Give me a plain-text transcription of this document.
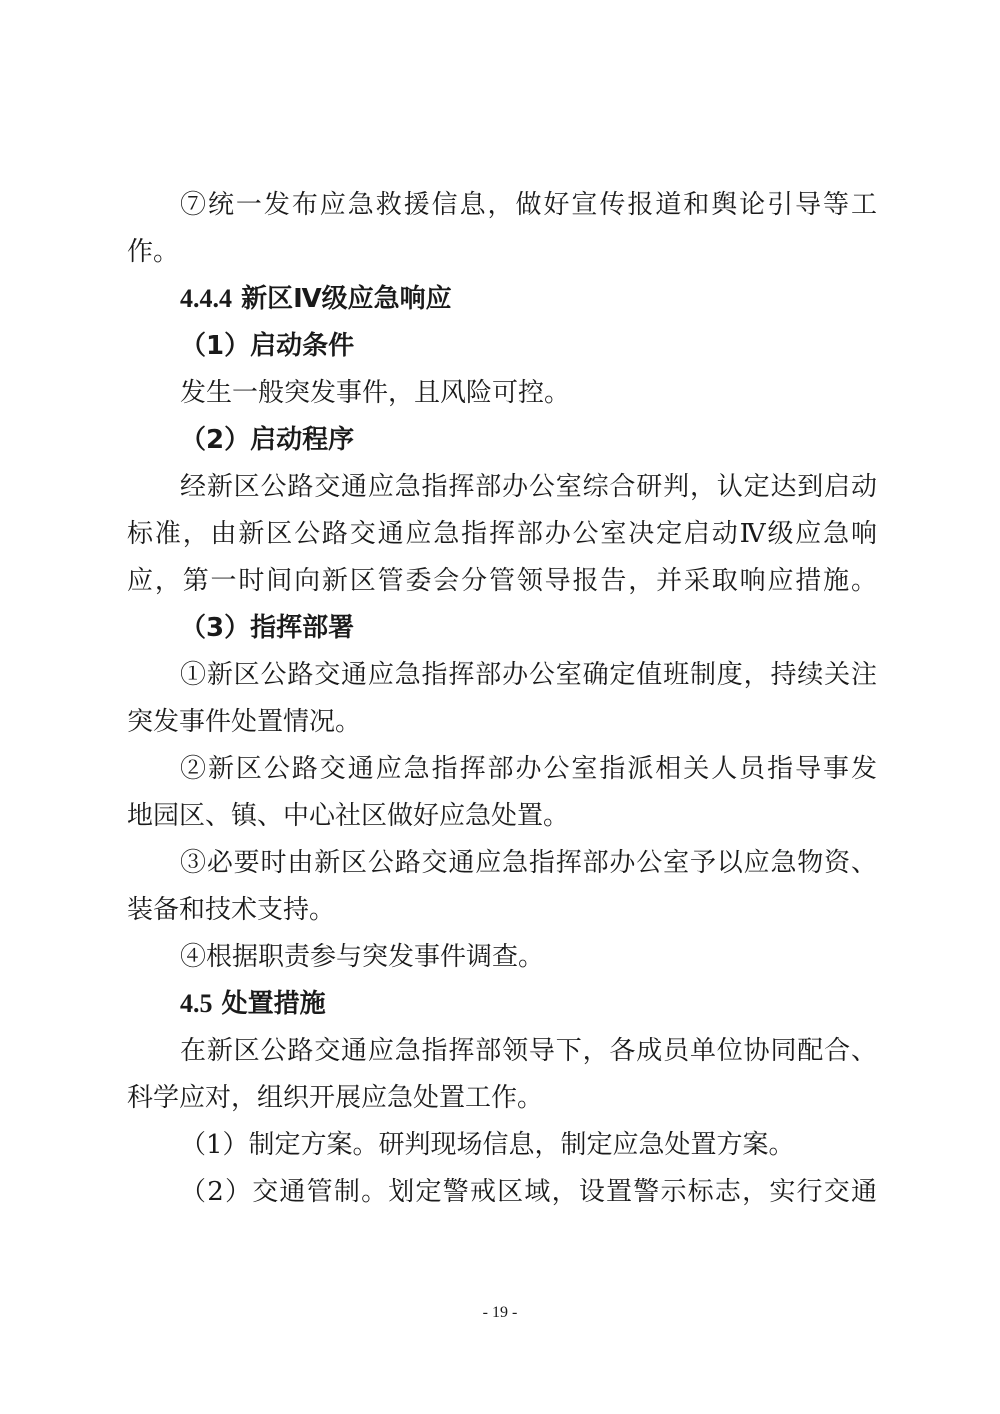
⑦统一发布应急救援信息，做好宣传报道和舆论引导等工
作。
4.4.4 新区Ⅳ级应急响应
（1）启动条件
发生一般突发事件，且风险可控。
（2）启动程序
经新区公路交通应急指挥部办公室综合研判，认定达到启动
标准，由新区公路交通应急指挥部办公室决定启动Ⅳ级应急响
应，第一时间向新区管委会分管领导报告，并采取响应措施。
（3）指挥部署
①新区公路交通应急指挥部办公室确定值班制度，持续关注
突发事件处置情况。
②新区公路交通应急指挥部办公室指派相关人员指导事发
地园区、镇、中心社区做好应急处置。
③必要时由新区公路交通应急指挥部办公室予以应急物资、
装备和技术支持。
④根据职责参与突发事件调查。
4.5 处置措施
在新区公路交通应急指挥部领导下，各成员单位协同配合、
科学应对，组织开展应急处置工作。
（1）制定方案。研判现场信息，制定应急处置方案。
（2）交通管制。划定警戒区域，设置警示标志，实行交通
- 19 -
